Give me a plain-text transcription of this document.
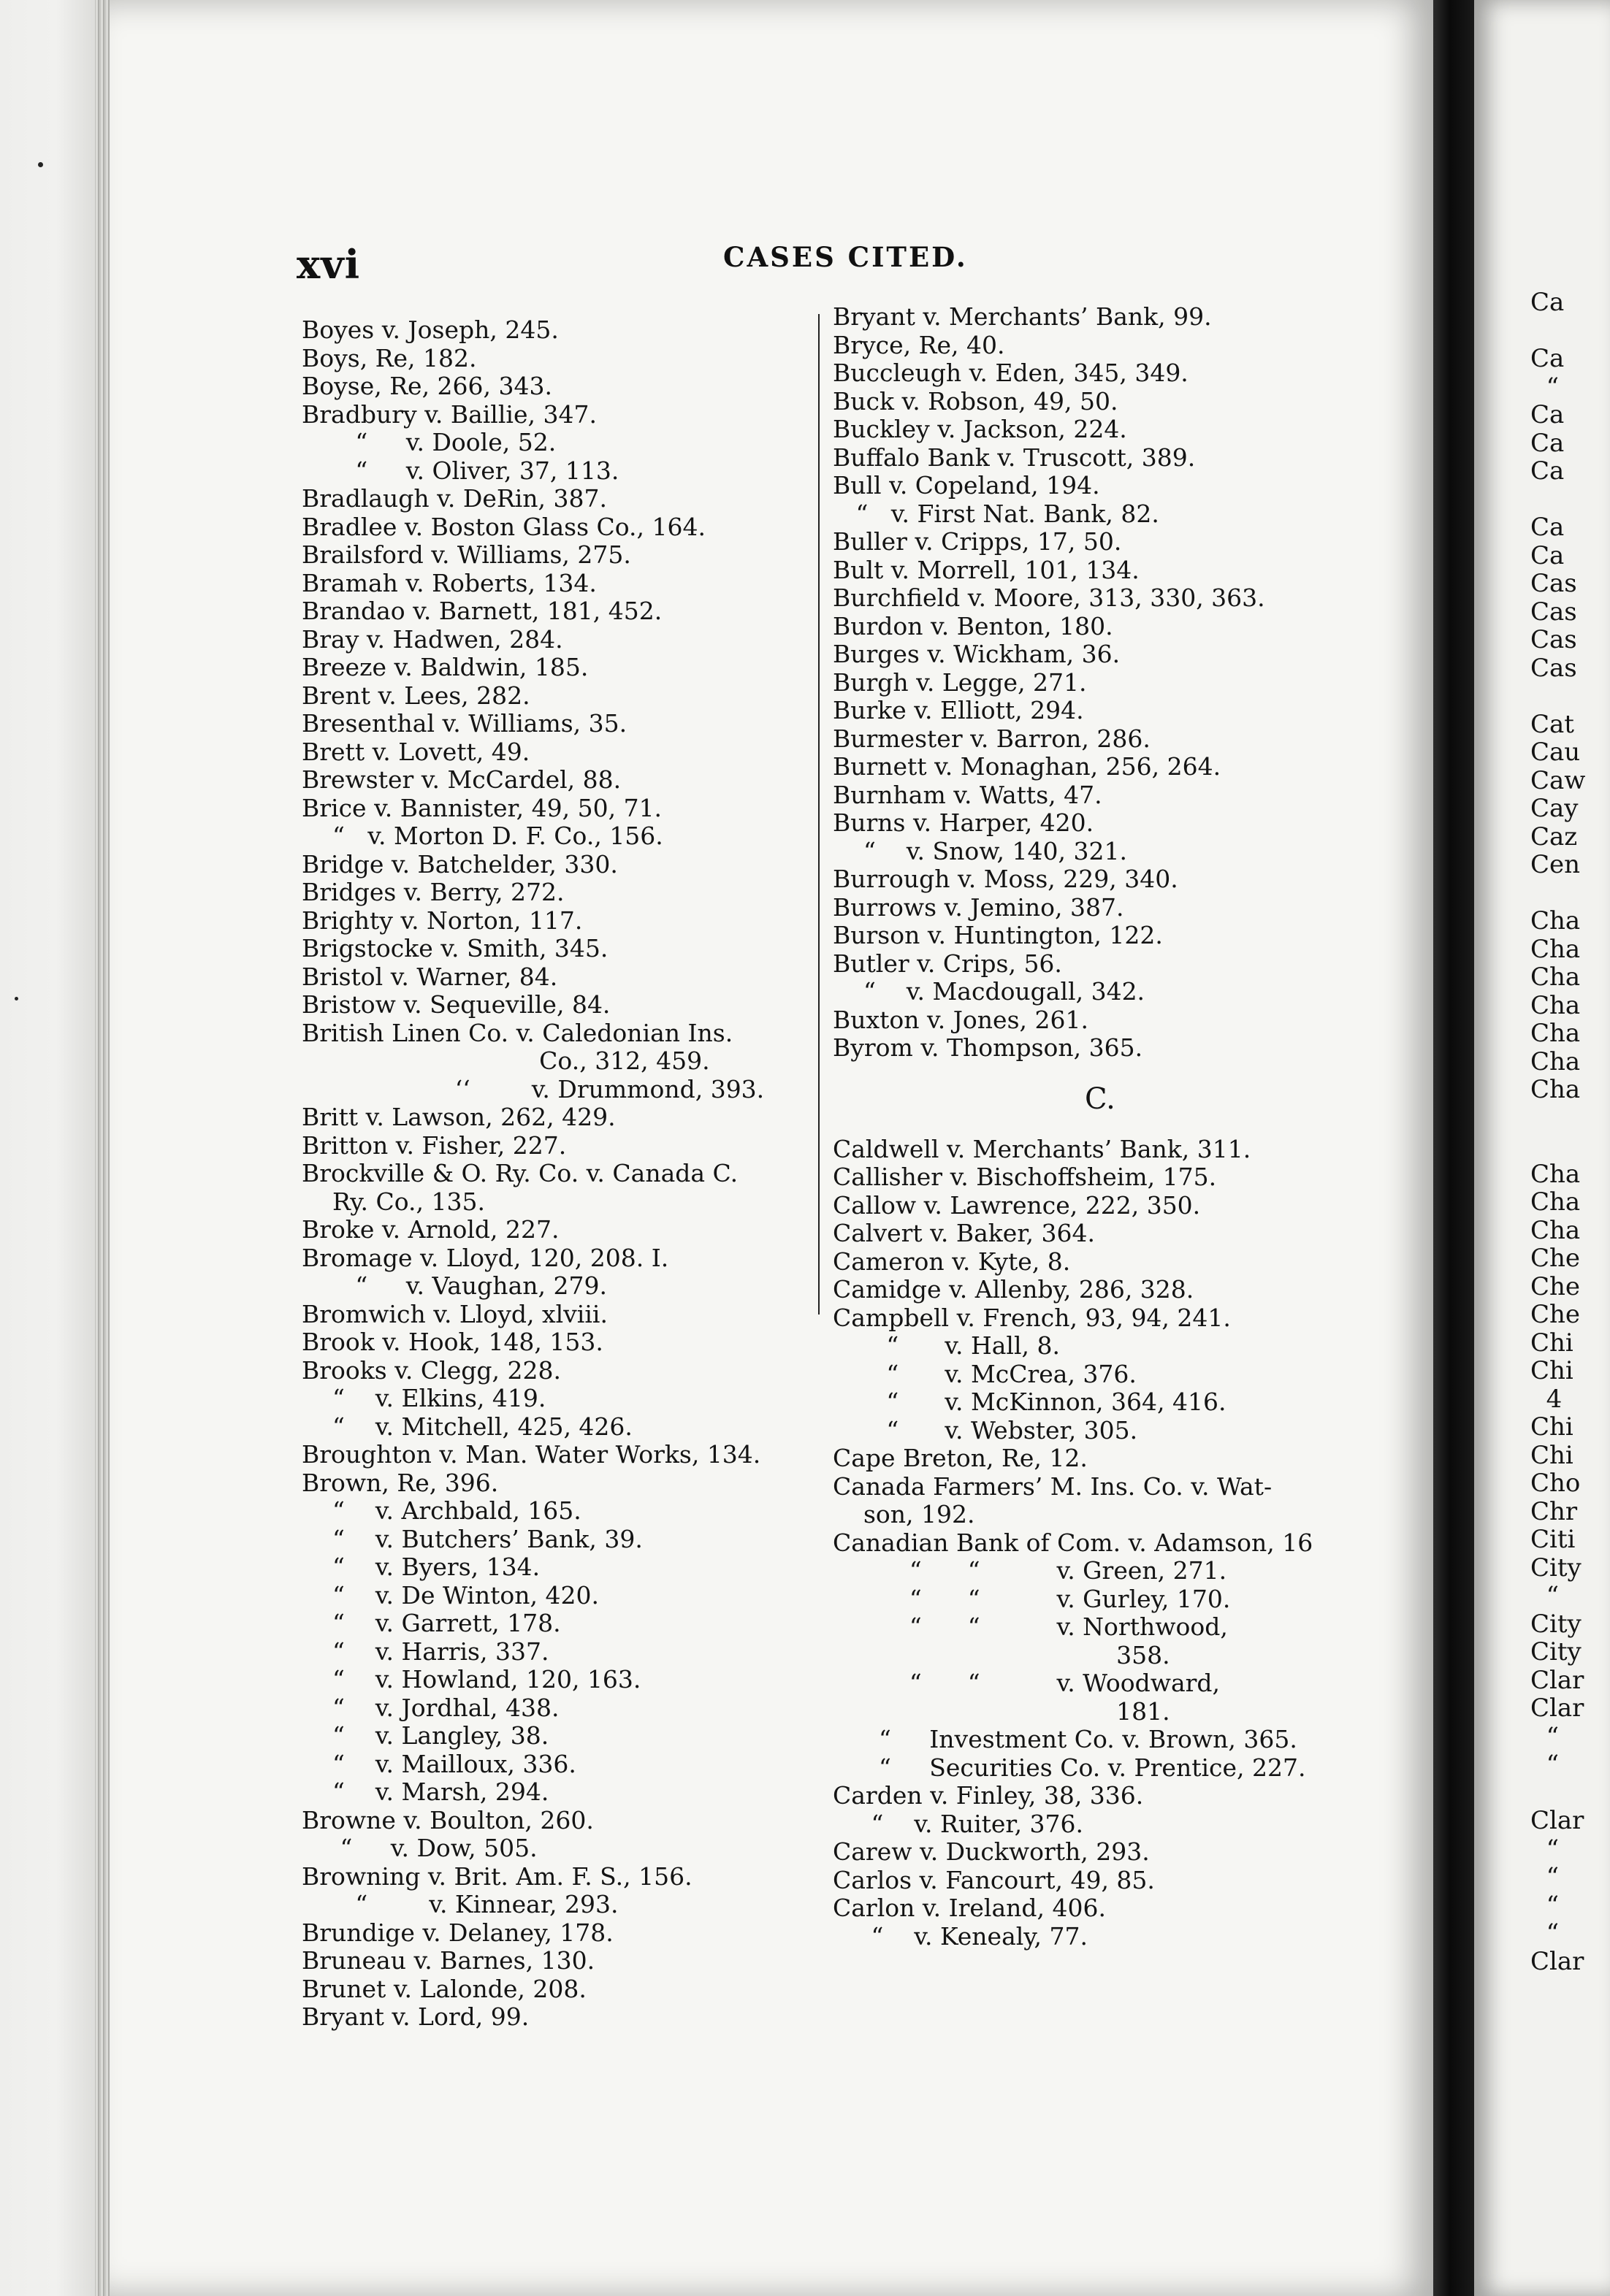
xvi	CASES CITED.
Boyes v. Joseph, 245.
Boys, Re, 182.
Boyse, Re, 266, 343.
Bradbury v. Baillie, 347.
“     v. Doole, 52.
“     v. Oliver, 37, 113.
Bradlaugh v. DeRin, 387.
Bradlee v. Boston Glass Co., 164.
Brailsford v. Williams, 275.
Bramah v. Roberts, 134.
Brandao v. Barnett, 181, 452.
Bray v. Hadwen, 284.
Breeze v. Baldwin, 185.
Brent v. Lees, 282.
Bresenthal v. Williams, 35.
Brett v. Lovett, 49.
Brewster v. McCardel, 88.
Brice v. Bannister, 49, 50, 71.
“   v. Morton D. F. Co., 156.
Bridge v. Batchelder, 330.
Bridges v. Berry, 272.
Brighty v. Norton, 117.
Brigstocke v. Smith, 345.
Bristol v. Warner, 84.
Bristow v. Sequeville, 84.
British Linen Co. v. Caledonian Ins.
Co., 312, 459.
‘‘        v. Drummond, 393.
Britt v. Lawson, 262, 429.
Britton v. Fisher, 227.
Brockville & O. Ry. Co. v. Canada C.
Ry. Co., 135.
Broke v. Arnold, 227.
Bromage v. Lloyd, 120, 208. I.
“     v. Vaughan, 279.
Bromwich v. Lloyd, xlviii.
Brook v. Hook, 148, 153.
Brooks v. Clegg, 228.
“    v. Elkins, 419.
“    v. Mitchell, 425, 426.
Broughton v. Man. Water Works, 134.
Brown, Re, 396.
“    v. Archbald, 165.
“    v. Butchers’ Bank, 39.
“    v. Byers, 134.
“    v. De Winton, 420.
“    v. Garrett, 178.
“    v. Harris, 337.
“    v. Howland, 120, 163.
“    v. Jordhal, 438.
“    v. Langley, 38.
“    v. Mailloux, 336.
“    v. Marsh, 294.
Browne v. Boulton, 260.
“     v. Dow, 505.
Browning v. Brit. Am. F. S., 156.
“        v. Kinnear, 293.
Brundige v. Delaney, 178.
Bruneau v. Barnes, 130.
Brunet v. Lalonde, 208.
Bryant v. Lord, 99.
Bryant v. Merchants’ Bank, 99.
Bryce, Re, 40.
Buccleugh v. Eden, 345, 349.
Buck v. Robson, 49, 50.
Buckley v. Jackson, 224.
Buffalo Bank v. Truscott, 389.
Bull v. Copeland, 194.
“   v. First Nat. Bank, 82.
Buller v. Cripps, 17, 50.
Bult v. Morrell, 101, 134.
Burchfield v. Moore, 313, 330, 363.
Burdon v. Benton, 180.
Burges v. Wickham, 36.
Burgh v. Legge, 271.
Burke v. Elliott, 294.
Burmester v. Barron, 286.
Burnett v. Monaghan, 256, 264.
Burnham v. Watts, 47.
Burns v. Harper, 420.
“    v. Snow, 140, 321.
Burrough v. Moss, 229, 340.
Burrows v. Jemino, 387.
Burson v. Huntington, 122.
Butler v. Crips, 56.
“    v. Macdougall, 342.
Buxton v. Jones, 261.
Byrom v. Thompson, 365.
C.
Caldwell v. Merchants’ Bank, 311.
Callisher v. Bischoffsheim, 175.
Callow v. Lawrence, 222, 350.
Calvert v. Baker, 364.
Cameron v. Kyte, 8.
Camidge v. Allenby, 286, 328.
Campbell v. French, 93, 94, 241.
“      v. Hall, 8.
“      v. McCrea, 376.
“      v. McKinnon, 364, 416.
“      v. Webster, 305.
Cape Breton, Re, 12.
Canada Farmers’ M. Ins. Co. v. Wat-
son, 192.
Canadian Bank of Com. v. Adamson, 16
“      “          v. Green, 271.
“      “          v. Gurley, 170.
“      “          v. Northwood,
358.
“      “          v. Woodward,
181.
“     Investment Co. v. Brown, 365.
“     Securities Co. v. Prentice, 227.
Carden v. Finley, 38, 336.
“    v. Ruiter, 376.
Carew v. Duckworth, 293.
Carlos v. Fancourt, 49, 85.
Carlon v. Ireland, 406.
“    v. Kenealy, 77.
Ca
Ca
“
Ca
Ca
Ca
Ca
Ca
Cas
Cas
Cas
Cas
Cat
Cau
Caw
Cay
Caz
Cen
Cha
Cha
Cha
Cha
Cha
Cha
Cha
Cha
Cha
Cha
Che
Che
Che
Chi
Chi
4
Chi
Chi
Cho
Chr
Citi
City
“
City
City
Clar
Clar
“
“
Clar
“
“
“
“
Clar
